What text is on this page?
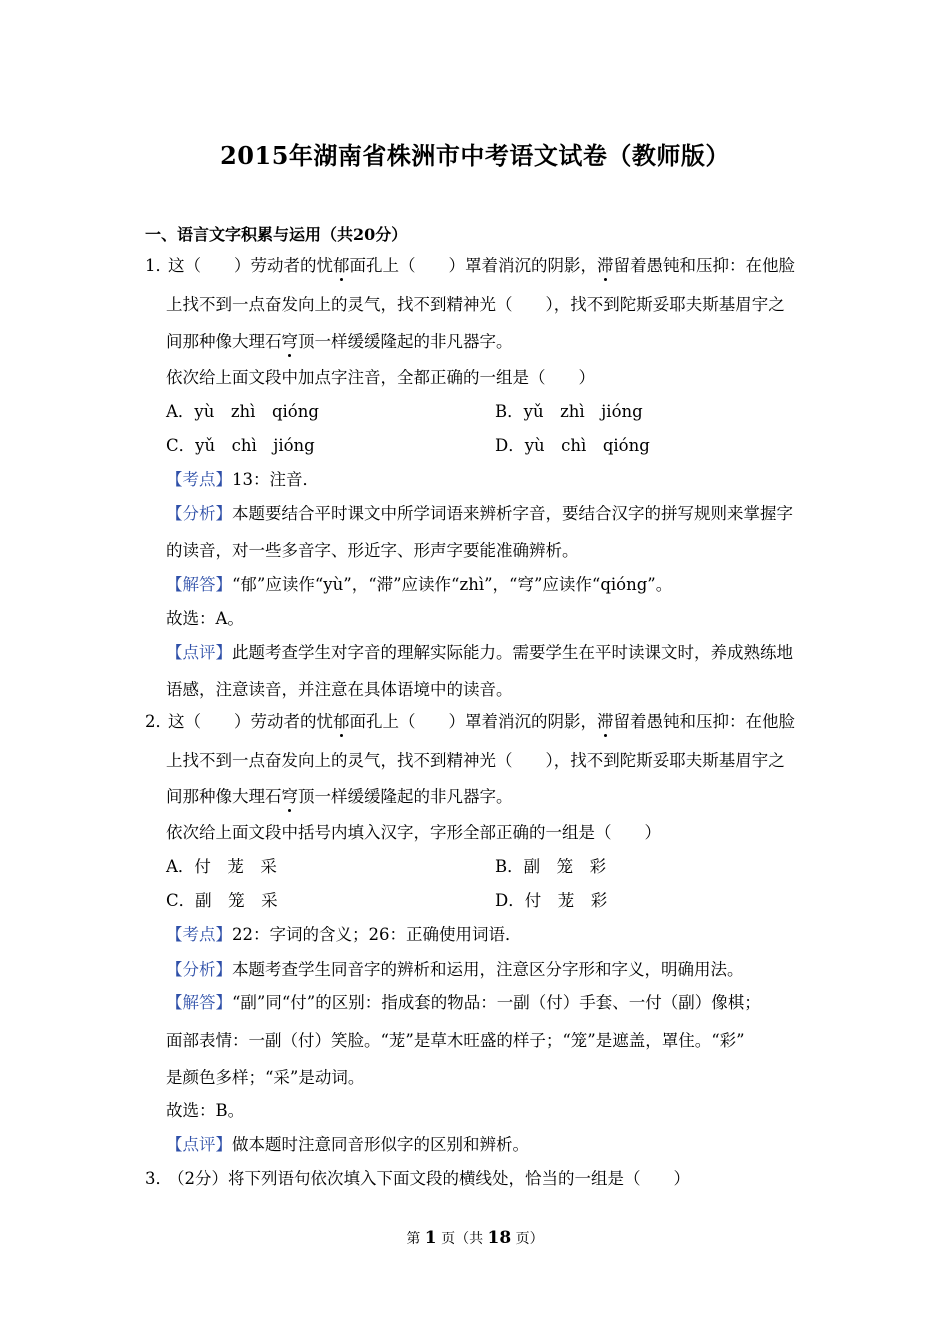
2015年湖南省株洲市中考语文试卷（教师版）
一、语言文字积累与运用（共20分）
1．
这（　　）劳动者的忧郁面孔上（　　）罩着消沉的阴影，滞留着愚钝和压抑：在他脸
上找不到一点奋发向上的灵气，找不到精神光（　　），找不到陀斯妥耶夫斯基眉宇之
间那种像大理石穹顶一样缓缓隆起的非凡器字。
依次给上面文段中加点字注音，全都正确的一组是（　　）
A．yù　zhì　qióng	B．yǔ　zhì　jióng
C．yǔ　chì　jióng	D．yù　chì　qióng
【考点】13：注音．
【分析】本题要结合平时课文中所学词语来辨析字音，要结合汉字的拼写规则来掌握字
的读音，对一些多音字、形近字、形声字要能准确辨析。
【解答】“郁”应读作“yù”，“滞”应读作“zhì”，“穹”应读作“qióng”。
故选：A。
【点评】此题考查学生对字音的理解实际能力。需要学生在平时读课文时，养成熟练地
语感，注意读音，并注意在具体语境中的读音。
2．
这（　　）劳动者的忧郁面孔上（　　）罩着消沉的阴影，滞留着愚钝和压抑：在他脸
上找不到一点奋发向上的灵气，找不到精神光（　　），找不到陀斯妥耶夫斯基眉宇之
间那种像大理石穹顶一样缓缓隆起的非凡器字。
依次给上面文段中括号内填入汉字，字形全部正确的一组是（　　）
A．付　茏　采	B．副　笼　彩
C．副　笼　采	D．付　茏　彩
【考点】22：字词的含义；26：正确使用词语．
【分析】本题考查学生同音字的辨析和运用，注意区分字形和字义，明确用法。
【解答】“副”同“付”的区别：指成套的物品：一副（付）手套、一付（副）像棋；
面部表情：一副（付）笑脸。“茏”是草木旺盛的样子；“笼”是遮盖，罩住。“彩”
是颜色多样；“采”是动词。
故选：B。
【点评】做本题时注意同音形似字的区别和辨析。
3．
（2分）将下列语句依次填入下面文段的横线处，恰当的一组是（　　）
第 1 页（共 18 页）
